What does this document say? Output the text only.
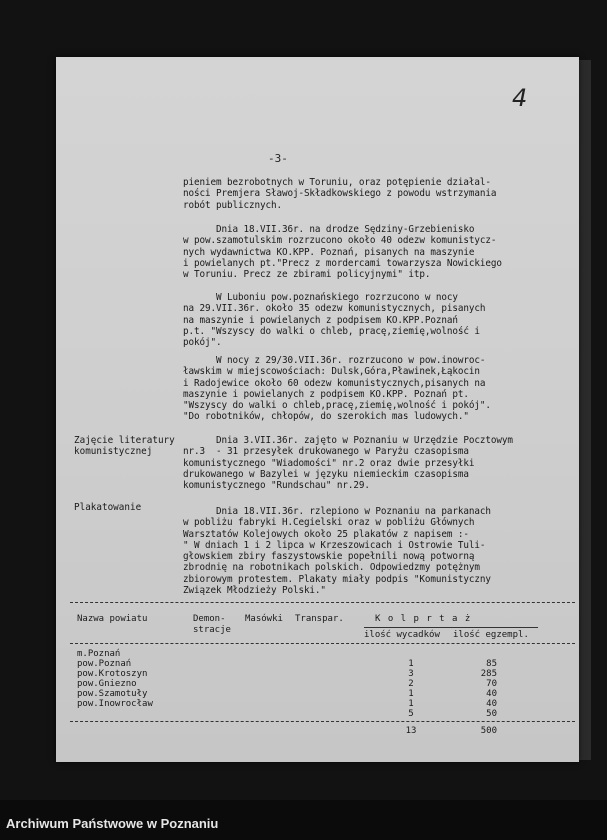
4
-3-
pieniem bezrobotnych w Toruniu, oraz potępienie działal-
ności Premjera Sławoj-Składkowskiego z powodu wstrzymania
robót publicznych.
Dnia 18.VII.36r. na drodze Sędziny-Grzebienisko
w pow.szamotulskim rozrzucono około 40 odezw komunistycz-
nych wydawnictwa KO.KPP. Poznań, pisanych na maszynie
i powielanych pt."Precz z mordercami towarzysza Nowickiego
w Toruniu. Precz ze zbirami policyjnymi" itp.
W Luboniu pow.poznańskiego rozrzucono w nocy
na 29.VII.36r. około 35 odezw komunistycznych, pisanych
na maszynie i powielanych z podpisem KO.KPP.Poznań
p.t. "Wszyscy do walki o chleb, pracę,ziemię,wolność i
pokój".
W nocy z 29/30.VII.36r. rozrzucono w pow.inowroc-
ławskim w miejscowościach: Dulsk,Góra,Pławinek,Łąkocin
i Radojewice około 60 odezw komunistycznych,pisanych na
maszynie i powielanych z podpisem KO.KPP. Poznań pt.
"Wszyscy do walki o chleb,pracę,ziemię,wolność i pokój".
"Do robotników, chłopów, do szerokich mas ludowych."
Zajęcie literatury
komunistycznej
Dnia 3.VII.36r. zajęto w Poznaniu w Urzędzie Pocztowym
nr.3  - 31 przesyłek drukowanego w Paryżu czasopisma
komunistycznego "Wiadomości" nr.2 oraz dwie przesyłki
drukowanego w Bazylei w języku niemieckim czasopisma
komunistycznego "Rundschau" nr.29.
Plakatowanie	Dnia 18.VII.36r. rzlepiono w Poznaniu na parkanach
w pobliżu fabryki H.Cegielski oraz w pobliżu Głównych
Warsztatów Kolejowych około 25 plakatów z napisem :-
" W dniach 1 i 2 lipca w Krzeszowicach i Ostrowie Tuli-
głowskiem zbiry faszystowskie popełnili nową potworną
zbrodnię na robotnikach polskich. Odpowiedzmy potężnym
zbiorowym protestem. Plakaty miały podpis "Komunistyczny
Związek Młodzieży Polski."
Nazwa powiatu	Demon-
stracje
Masówki Transpar.	K o l p r t a ż
ilość wycadków ilość egzempl.
m.Poznań
pow.Poznań	1	85
pow.Krotoszyn	3	285
pow.Gniezno	2	70
pow.Szamotuły	1	40
pow.Inowrocław	1	40
5	50
13	500
Archiwum Państwowe w Poznaniu
